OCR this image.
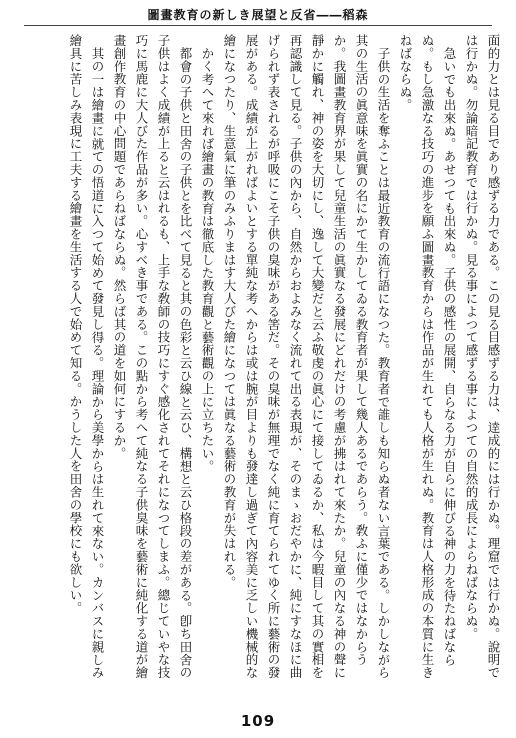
圖畫教育の新しき展望と反省――稻森

面的力とは見る目であり感ずる力である。この見る目感ずる力は、逹成的には行かぬ。理窟では行かぬ。說明では行かぬ。勿論暗記教育では行かぬ。見る事によつて感ずる事によつての自然的成長によらねばならぬ。

急いでも出來ぬ。あせつても出來ぬ。子供の感性の展開、自らなる力が自らに伸びる神の力を待たねばならぬ。もし急激なる技巧の進步を願ふ圖畫教育からは作品が生れても人格が生れぬ。教育は人格形成の本質に生きねばならぬ。

子供の生活を奪ふことは最近教育の流行語になつた。教育者で誰しも知らぬ者ない言葉である。しかしながら其の生活の眞意味を眞實の名にかて生かしてゐる教育者が果して幾人あるであらう。敎ふに僅少ではなからうか。我圖畫教育界が果して兒童生活の眞實なる發展にどれだけの考慮が拂はれて來たか。兒童の內なる神の聲に靜かに觸れ、神の姿を大切にし、逸して大變だと云ふ敬虔の眞心にて接してゐるか、私は今暇目して其の實相を再認識して見る。子供の內から、自然からおよみなく流れて出る表現が、そのまゝおだやかに、純にすなほに曲げられず表されるが呼吸にこそ子供の臭味がある筈だ。その臭味が無理でなく純に育てられてゆく所に藝術の發展がある。成績が上がればよいとする單純な考へからは或は腕が目よりも發達し過ぎて內容美に乏しい機械的な繪になつたり、生意氣に筆のみふりまはす大人びた繪になつては眞なる藝術の教育が失はれる。

かく考へて來れば繪畫の教育は徹底した教育觀と藝術觀の上に立ちたい。

都會の子供と田舍の子供とを比べて見ると其の色彩と云ひ線と云ひ、構想と云ひ格段の差がある。卽ち田舍の子供はよく成績が上ると云はれるも、上手な敎師の技巧にすぐ感化されてそれになつてしまふ。總じていやな技巧に馬鹿に大人びた作品が多い。心すべき事である。この點から考へて純なる子供臭味を藝術に純化する道が繪畫創作教育の中心問題であらねばならぬ。然らば其の道を如何にするか。

其の一は繪畫に就ての悟道に入つて始めて發見し得る。理論から美學からは生れて來ない。カンバスに親しみ繪具に苦しみ表現に工夫する繪畫を生活する人で始めて知る。かうした人を田舍の學校にも欲しい。

109
